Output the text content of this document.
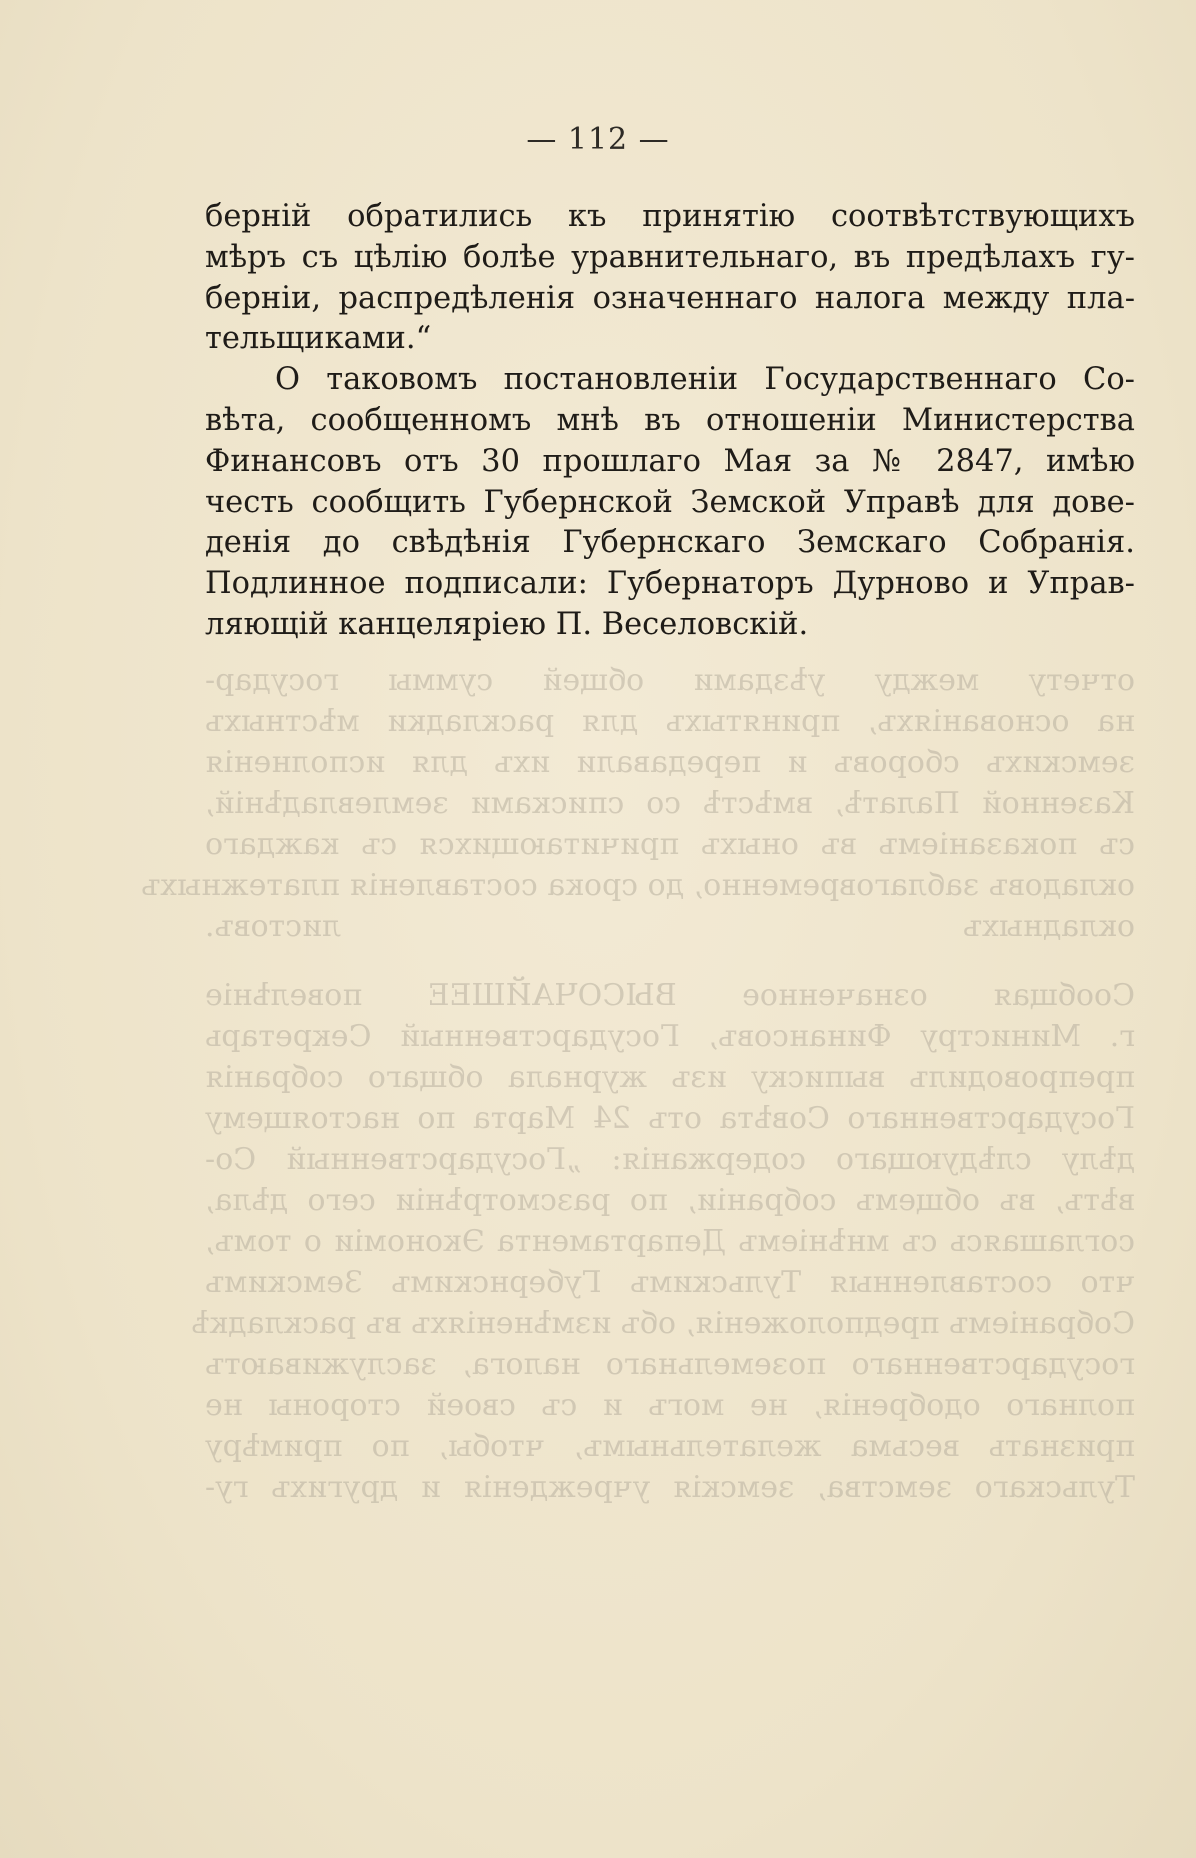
отчету между уѣздами общей суммы государ-
на основаніяхъ, принятыхъ для раскладки мѣстныхъ
земскихъ сборовъ и передавали ихъ для исполненія
Казенной Палатѣ, вмѣстѣ со списками землевладѣній,
съ показаніемъ въ оныхъ причитающихся съ каждаго
окладовъ заблаговременно, до срока составленія платежныхъ
окладныхъ листовъ.
Сообщая означенное ВЫСОЧАЙШЕЕ повелѣніе
г. Министру Финансовъ, Государственный Секретарь
препроводилъ выписку изъ журнала общаго собранія
Государственнаго Совѣта отъ 24 Марта по настоящему
дѣлу слѣдующаго содержанія: „Государственный Со-
вѣтъ, въ общемъ собраніи, по разсмотрѣніи сего дѣла,
соглашаясь съ мнѣніемъ Департамента Экономіи о томъ,
что составленныя Тульскимъ Губернскимъ Земскимъ
Собраніемъ предположенія, объ измѣненіяхъ въ раскладкѣ
государственнаго поземельнаго налога, заслуживаютъ
полнаго одобренія, не могъ и съ своей стороны не
признать весьма желательнымъ, чтобы, по примѣру
Тульскаго земства, земскія учрежденія и другихъ гу-
— 112 —
берній обратились къ принятію соотвѣтствующихъ
мѣръ съ цѣлію болѣе уравнительнаго, въ предѣлахъ гу-
берніи, распредѣленія означеннаго налога между пла-
тельщиками.“
О таковомъ постановленіи Государственнаго Со-
вѣта, сообщенномъ мнѣ въ отношеніи Министерства
Финансовъ отъ 30 прошлаго Мая за № 2847, имѣю
честь сообщить Губернской Земской Управѣ для дове-
денія до свѣдѣнія Губернскаго Земскаго Собранія.
Подлинное подписали: Губернаторъ Дурново и Управ-
ляющій канцеляріею П. Веселовскій.
